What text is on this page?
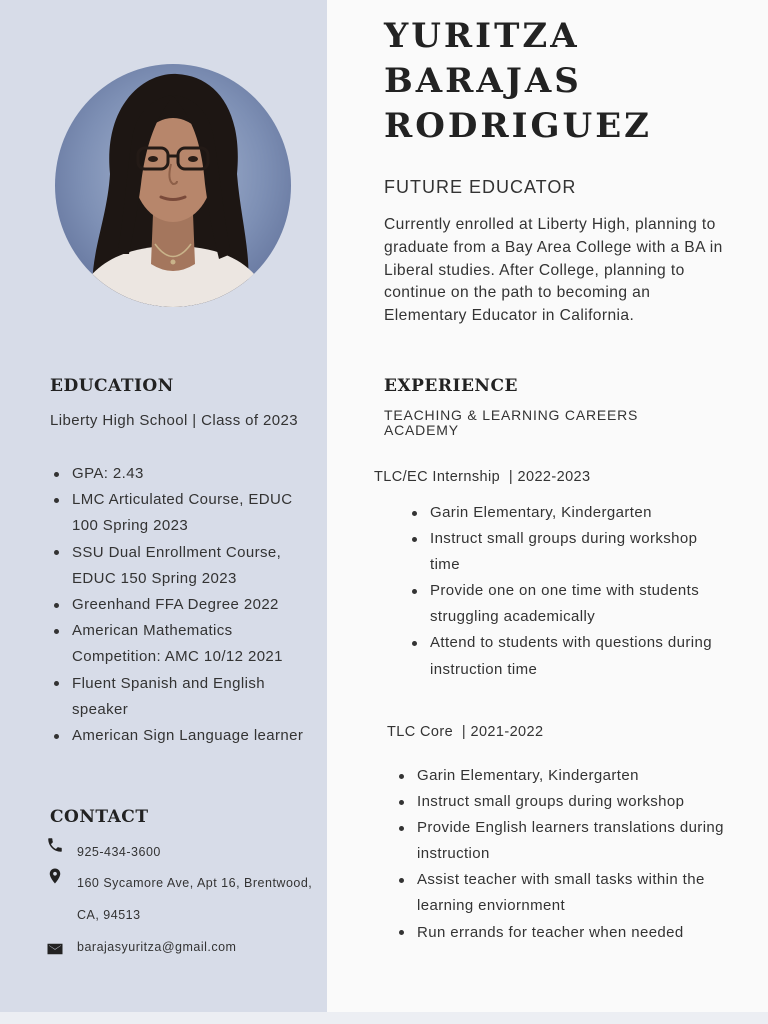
EDUCATION
Liberty High School | Class of 2023
GPA: 2.43
LMC Articulated Course, EDUC 100 Spring 2023
SSU Dual Enrollment Course, EDUC 150 Spring 2023
Greenhand FFA Degree 2022
American Mathematics Competition: AMC 10/12 2021
Fluent Spanish and English speaker
American Sign Language learner
CONTACT
925-434-3600
160 Sycamore Ave, Apt 16, Brentwood, CA, 94513
barajasyuritza@gmail.com
YURITZA
BARAJAS
RODRIGUEZ
FUTURE EDUCATOR
Currently enrolled at Liberty High, planning to graduate from a Bay Area College with a BA in Liberal studies. After College, planning to continue on the path to becoming an Elementary Educator in California.
EXPERIENCE
TEACHING & LEARNING CAREERS ACADEMY
TLC/EC Internship  | 2022-2023
Garin Elementary, Kindergarten
Instruct small groups during workshop time
Provide one on one time with students struggling academically
Attend to students with questions during instruction time
TLC Core  | 2021-2022
Garin Elementary, Kindergarten
Instruct small groups during workshop
Provide English learners translations during instruction
Assist teacher with small tasks within the learning enviornment
Run errands for teacher when needed
